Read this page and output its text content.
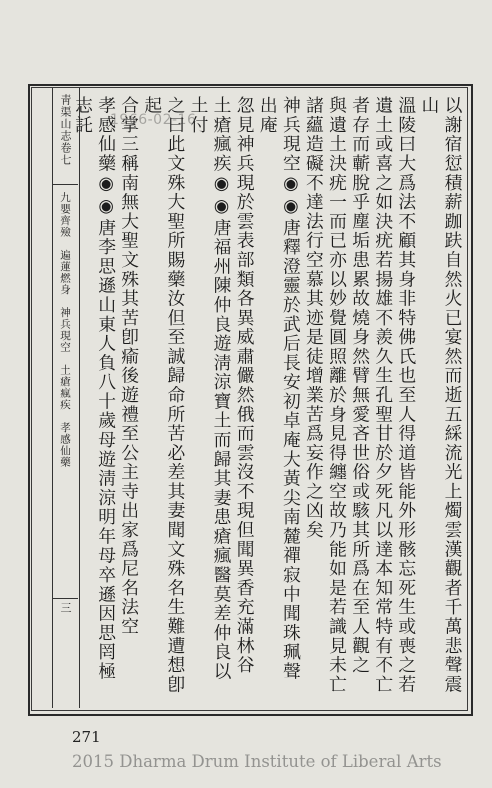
靑渠山志卷七
九嬰齊殮　遍蓮燃身　神兵現空　土瘡瘋疾　孝感仙藥
三	以謝宿愆積薪跏趺自然火已宴然而逝五綵流光上燭雲漢觀者千萬悲聲震山

溫陵曰大爲法不顧其身非特佛氏也至人得道皆能外形骸忘死生或喪之若

遺土或喜之如決疣若揚雄不羨久生孔聖甘於夕死凡以達本知常特有不亡

者存而蘄脫乎塵垢患累故燒身然臂無愛吝世俗或駭其所爲在至人觀之

與遺土決疣一而已亦以妙覺圓照離於身見得纏空故乃能如是若識見未亡

諸蘊造礙不達法行空慕其迹是徒增業苦爲妄作之凶矣

神兵現空◉◉唐釋澄靈於武后長安初卓庵大黃尖南麓禪寂中聞珠珮聲出庵

忽見神兵現於雲表部類各異威肅儼然俄而雲沒不現但聞異香充滿林谷

土瘡瘋疾◉◉唐福州陳仲良遊淸涼寶土而歸其妻患瘡瘋醫莫差仲良以土付

之曰此文殊大聖所賜藥汝但至誠歸命所苦必差其妻聞文殊名生難遭想卽起

合掌三稱南無大聖文殊其苦卽瘉後遊禮至公主寺出家爲尼名法空

孝感仙藥◉◉唐李思遜山東人負八十歲母遊淸涼明年母卒遜因思罔極志託	1966-02-16
271
2015 Dharma Drum Institute of Liberal Arts
